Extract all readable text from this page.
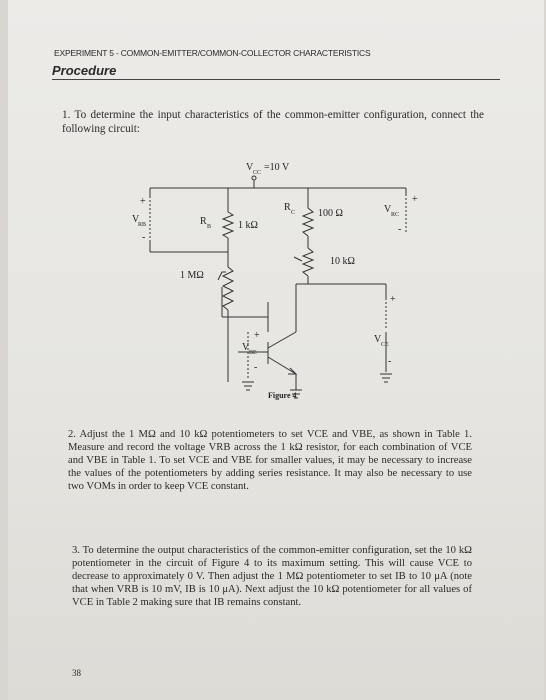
EXPERIMENT 5 - COMMON-EMITTER/COMMON-COLLECTOR CHARACTERISTICS
Procedure
1. To determine the input characteristics of the common-emitter configuration, connect the following circuit:
V CC =10 V
+
V
RB
-
R B	1 kΩ
1 MΩ
R C 100 Ω
+
V RC
-
10 kΩ
+
V BE
-
+
V CE
-
Figure 4
2. Adjust the 1 MΩ and 10 kΩ potentiometers to set VCE and VBE, as shown in Table 1. Measure and record the voltage VRB across the 1 kΩ resistor, for each combination of VCE and VBE in Table 1. To set VCE and VBE for smaller values, it may be necessary to increase the values of the potentiometers by adding series resistance. It may also be necessary to use two VOMs in order to keep VCE constant.
3. To determine the output characteristics of the common-emitter configuration, set the 10 kΩ potentiometer in the circuit of Figure 4 to its maximum setting. This will cause VCE to decrease to approximately 0 V. Then adjust the 1 MΩ potentiometer to set IB to 10 μA (note that when VRB is 10 mV, IB is 10 μA). Next adjust the 10 kΩ potentiometer for all values of VCE in Table 2 making sure that IB remains constant.
38
